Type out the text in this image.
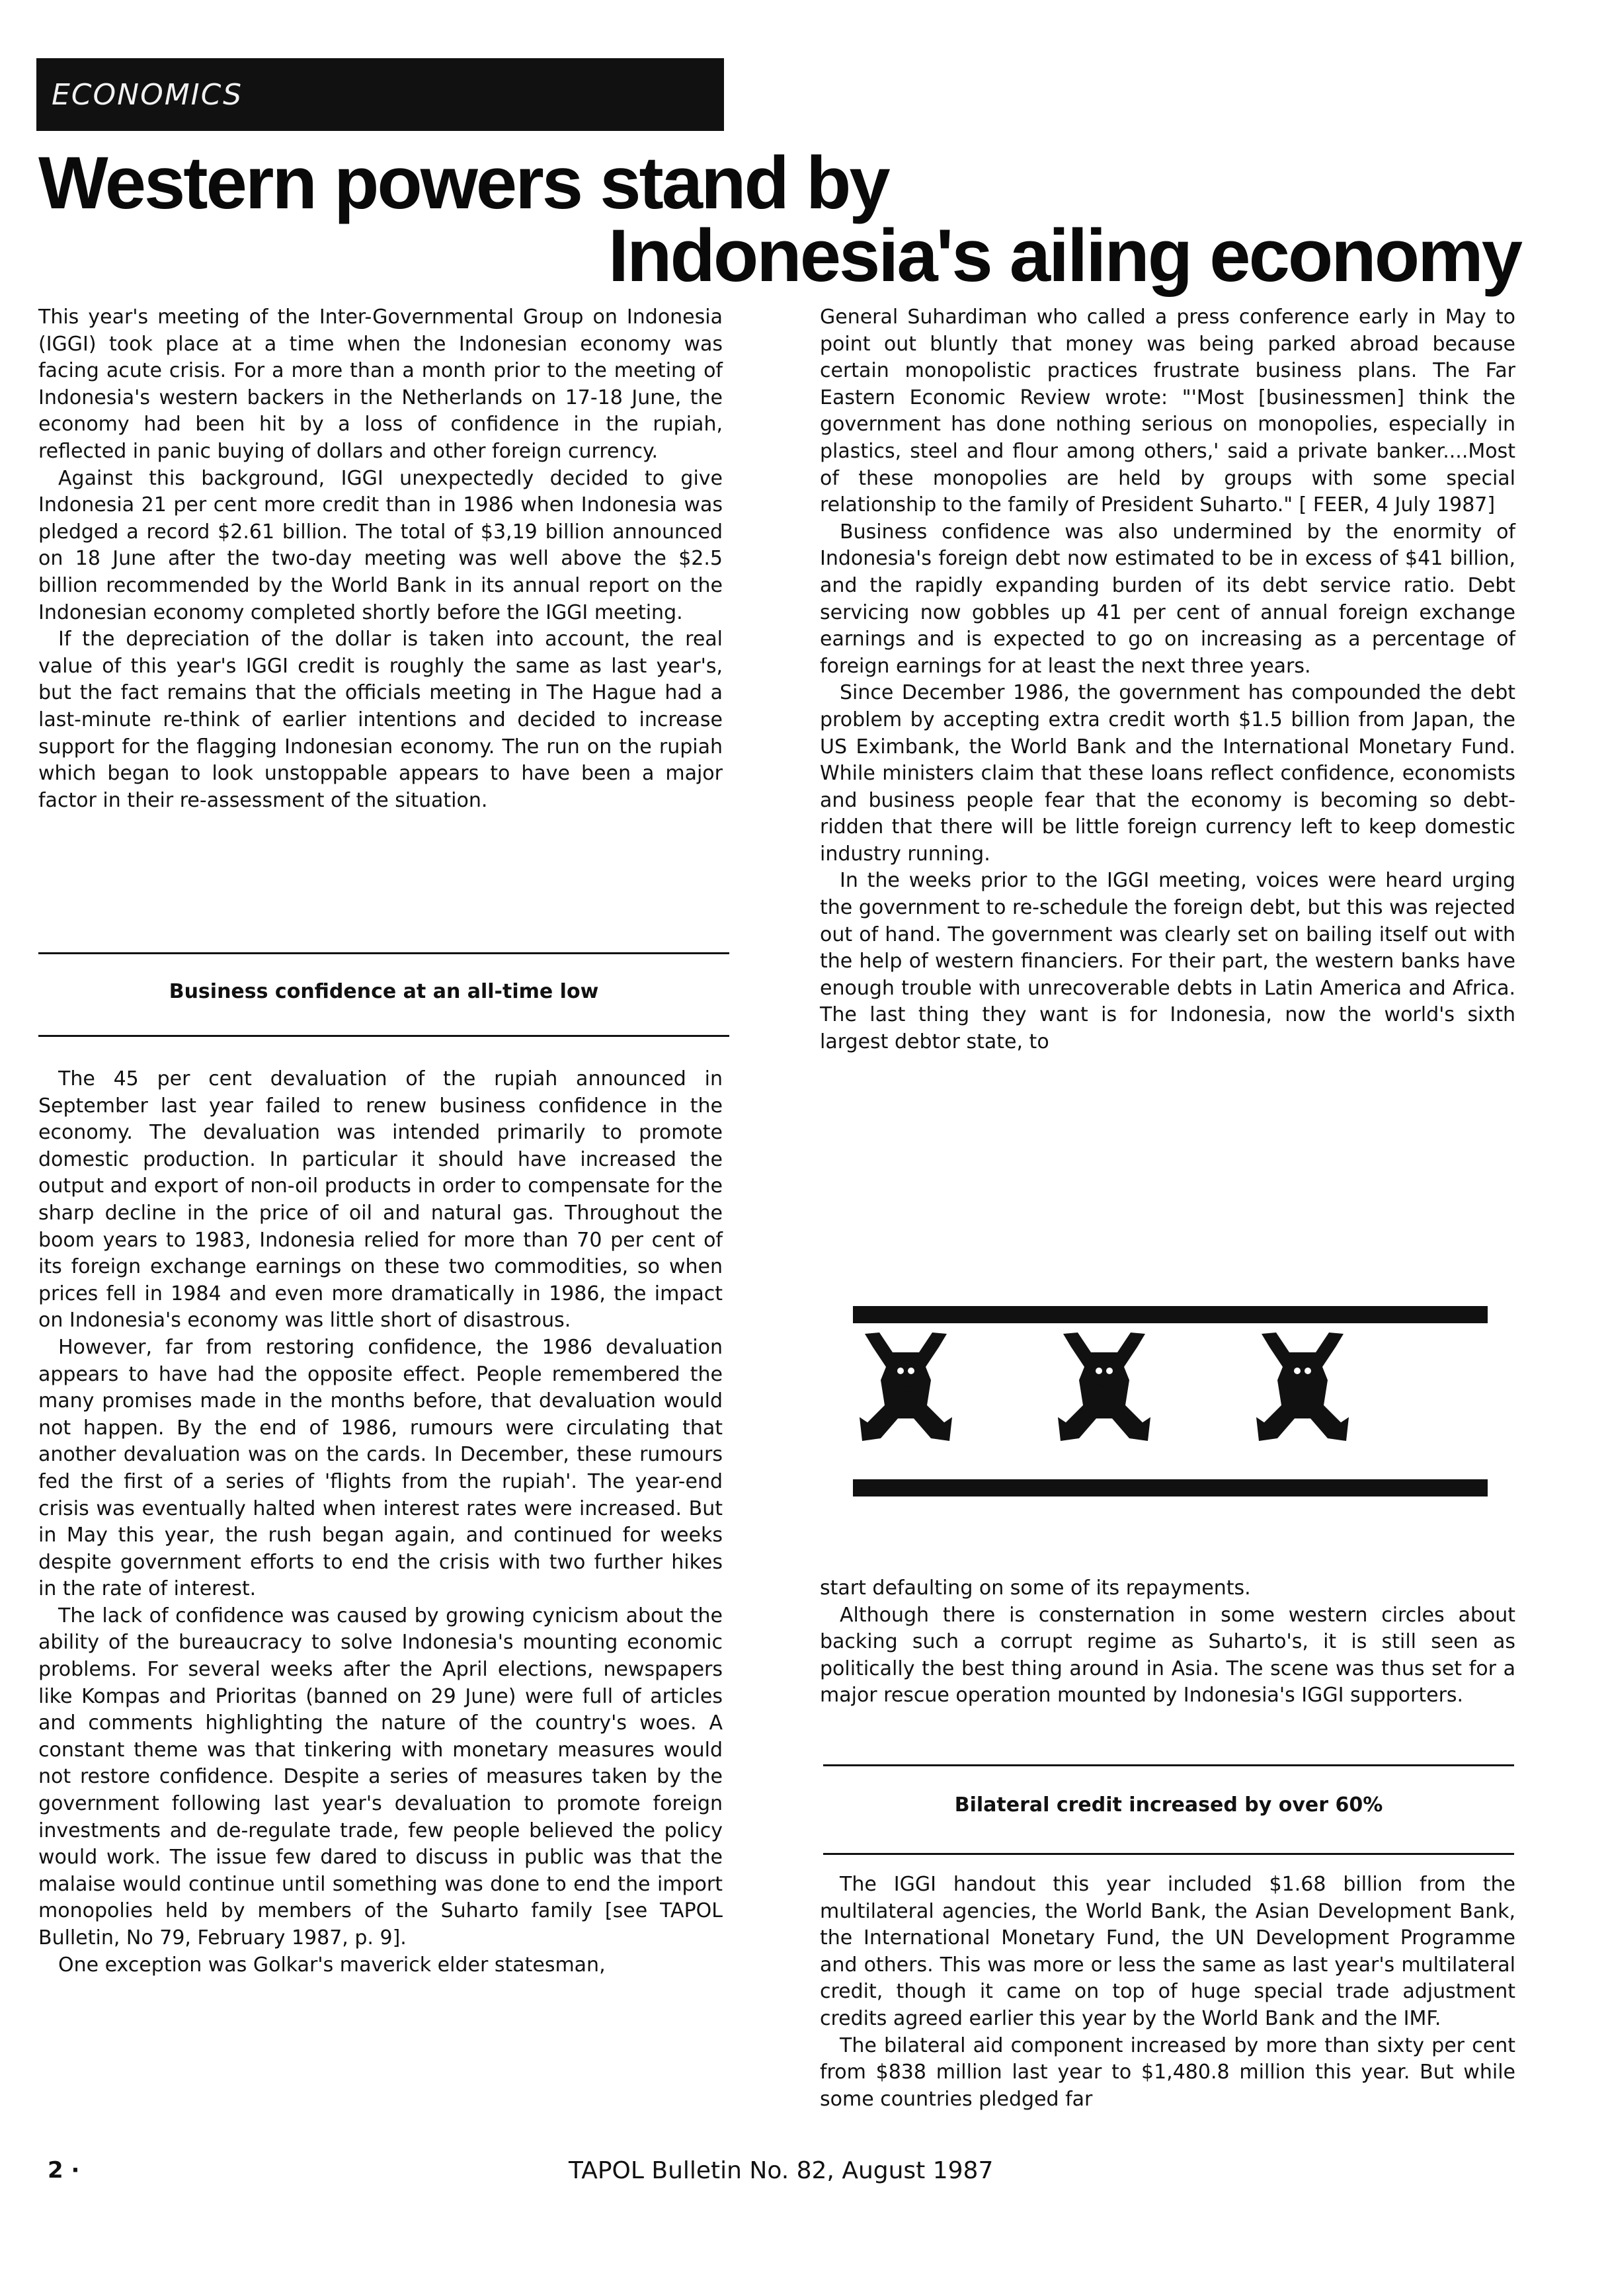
ECONOMICS
Western powers stand by
Indonesia's ailing economy

This year's meeting of the Inter-Governmental Group on Indonesia (IGGI) took place at a time when the Indonesian economy was facing acute crisis. For a more than a month prior to the meeting of Indonesia's western backers in the Netherlands on 17-18 June, the economy had been hit by a loss of confidence in the rupiah, reflected in panic buying of dollars and other foreign currency.

Against this background, IGGI unexpectedly decided to give Indonesia 21 per cent more credit than in 1986 when Indonesia was pledged a record $2.61 billion. The total of $3,19 billion announced on 18 June after the two-day meeting was well above the $2.5 billion recommended by the World Bank in its annual report on the Indonesian economy completed shortly before the IGGI meeting.

If the depreciation of the dollar is taken into account, the real value of this year's IGGI credit is roughly the same as last year's, but the fact remains that the officials meeting in The Hague had a last-minute re-think of earlier intentions and decided to increase support for the flagging Indonesian economy. The run on the rupiah which began to look unstoppable appears to have been a major factor in their re-assessment of the situation.

Business confidence at an all-time low

The 45 per cent devaluation of the rupiah announced in September last year failed to renew business confidence in the economy. The devaluation was intended primarily to promote domestic production. In particular it should have increased the output and export of non-oil products in order to compensate for the sharp decline in the price of oil and natural gas. Throughout the boom years to 1983, Indonesia relied for more than 70 per cent of its foreign exchange earnings on these two commodities, so when prices fell in 1984 and even more dramatically in 1986, the impact on Indonesia's economy was little short of disastrous.

However, far from restoring confidence, the 1986 devaluation appears to have had the opposite effect. People remembered the many promises made in the months before, that devaluation would not happen. By the end of 1986, rumours were circulating that another devaluation was on the cards. In December, these rumours fed the first of a series of 'flights from the rupiah'. The year-end crisis was eventually halted when interest rates were increased. But in May this year, the rush began again, and continued for weeks despite government efforts to end the crisis with two further hikes in the rate of interest.

The lack of confidence was caused by growing cynicism about the ability of the bureaucracy to solve Indonesia's mounting economic problems. For several weeks after the April elections, newspapers like Kompas and Prioritas (banned on 29 June) were full of articles and comments highlighting the nature of the country's woes. A constant theme was that tinkering with monetary measures would not restore confidence. Despite a series of measures taken by the government following last year's devaluation to promote foreign investments and de-regulate trade, few people believed the policy would work. The issue few dared to discuss in public was that the malaise would continue until something was done to end the import monopolies held by members of the Suharto family [see TAPOL Bulletin, No 79, February 1987, p. 9].

One exception was Golkar's maverick elder statesman,

General Suhardiman who called a press conference early in May to point out bluntly that money was being parked abroad because certain monopolistic practices frustrate business plans. The Far Eastern Economic Review wrote: "'Most [businessmen] think the government has done nothing serious on monopolies, especially in plastics, steel and flour among others,' said a private banker....Most of these monopolies are held by groups with some special relationship to the family of President Suharto." [ FEER, 4 July 1987]

Business confidence was also undermined by the enormity of Indonesia's foreign debt now estimated to be in excess of $41 billion, and the rapidly expanding burden of its debt service ratio. Debt servicing now gobbles up 41 per cent of annual foreign exchange earnings and is expected to go on increasing as a percentage of foreign earnings for at least the next three years.

Since December 1986, the government has compounded the debt problem by accepting extra credit worth $1.5 billion from Japan, the US Eximbank, the World Bank and the International Monetary Fund. While ministers claim that these loans reflect confidence, economists and business people fear that the economy is becoming so debt-ridden that there will be little foreign currency left to keep domestic industry running.

In the weeks prior to the IGGI meeting, voices were heard urging the government to re-schedule the foreign debt, but this was rejected out of hand. The government was clearly set on bailing itself out with the help of western financiers. For their part, the western banks have enough trouble with unrecoverable debts in Latin America and Africa. The last thing they want is for Indonesia, now the world's sixth largest debtor state, to

start defaulting on some of its repayments.

Although there is consternation in some western circles about backing such a corrupt regime as Suharto's, it is still seen as politically the best thing around in Asia. The scene was thus set for a major rescue operation mounted by Indonesia's IGGI supporters.

Bilateral credit increased by over 60%

The IGGI handout this year included $1.68 billion from the multilateral agencies, the World Bank, the Asian Development Bank, the International Monetary Fund, the UN Development Programme and others. This was more or less the same as last year's multilateral credit, though it came on top of huge special trade adjustment credits agreed earlier this year by the World Bank and the IMF.

The bilateral aid component increased by more than sixty per cent from $838 million last year to $1,480.8 million this year. But while some countries pledged far

2 ·	TAPOL Bulletin No. 82, August 1987
